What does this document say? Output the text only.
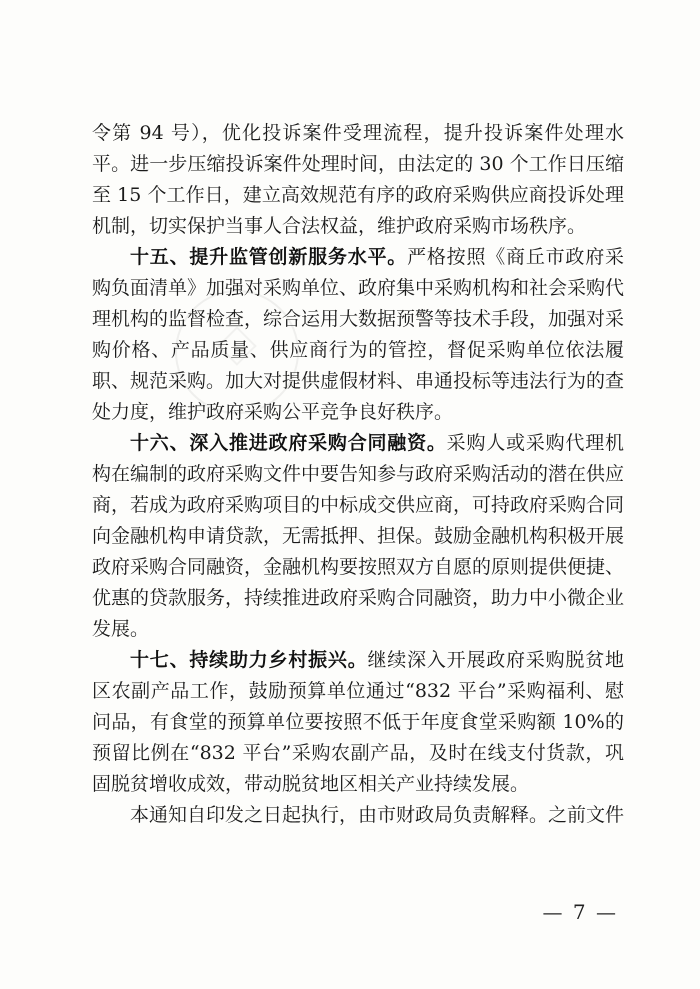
令第 94 号），优化投诉案件受理流程，提升投诉案件处理水平。进一步压缩投诉案件处理时间，由法定的 30 个工作日压缩至 15 个工作日，建立高效规范有序的政府采购供应商投诉处理机制，切实保护当事人合法权益，维护政府采购市场秩序。

十五、提升监管创新服务水平。严格按照《商丘市政府采购负面清单》加强对采购单位、政府集中采购机构和社会采购代理机构的监督检查，综合运用大数据预警等技术手段，加强对采购价格、产品质量、供应商行为的管控，督促采购单位依法履职、规范采购。加大对提供虚假材料、串通投标等违法行为的查处力度，维护政府采购公平竞争良好秩序。

十六、深入推进政府采购合同融资。采购人或采购代理机构在编制的政府采购文件中要告知参与政府采购活动的潜在供应商，若成为政府采购项目的中标成交供应商，可持政府采购合同向金融机构申请贷款，无需抵押、担保。鼓励金融机构积极开展政府采购合同融资，金融机构要按照双方自愿的原则提供便捷、优惠的贷款服务，持续推进政府采购合同融资，助力中小微企业发展。

十七、持续助力乡村振兴。继续深入开展政府采购脱贫地区农副产品工作，鼓励预算单位通过“832 平台”采购福利、慰问品，有食堂的预算单位要按照不低于年度食堂采购额 10%的预留比例在“832 平台”采购农副产品，及时在线支付货款，巩固脱贫增收成效，带动脱贫地区相关产业持续发展。

本通知自印发之日起执行，由市财政局负责解释。之前文件

— 7 —
